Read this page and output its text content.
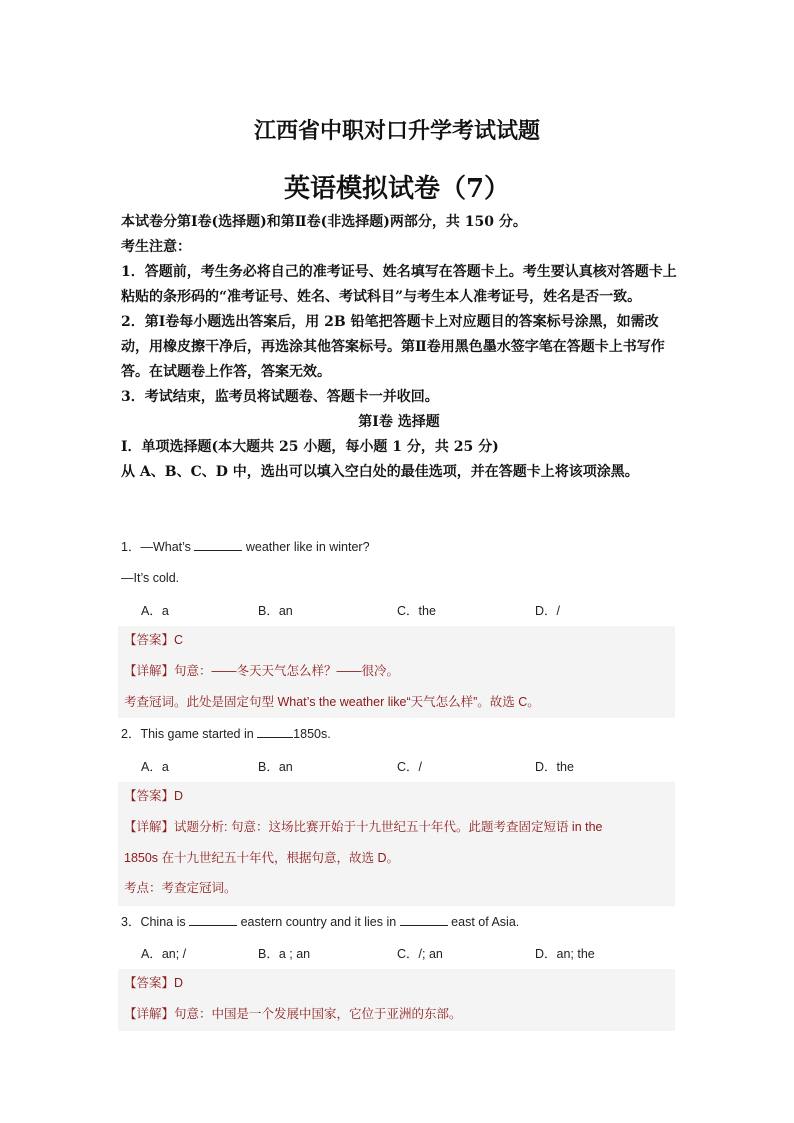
江西省中职对口升学考试试题
英语模拟试卷（7）

本试卷分第Ⅰ卷(选择题)和第Ⅱ卷(非选择题)两部分，共 150 分。

考生注意：

1．答题前，考生务必将自己的准考证号、姓名填写在答题卡上。考生要认真核对答题卡上粘贴的条形码的“准考证号、姓名、考试科目”与考生本人准考证号，姓名是否一致。

2．第Ⅰ卷每小题选出答案后，用 2B 铅笔把答题卡上对应题目的答案标号涂黑，如需改动，用橡皮擦干净后，再选涂其他答案标号。第Ⅱ卷用黑色墨水签字笔在答题卡上书写作答。在试题卷上作答，答案无效。

3．考试结束，监考员将试题卷、答题卡一并收回。

第Ⅰ卷 选择题

Ⅰ．单项选择题(本大题共 25 小题，每小题 1 分，共 25 分)

从 A、B、C、D 中，选出可以填入空白处的最佳选项，并在答题卡上将该项涂黑。

1．—What’s	weather like in winter?
—It’s cold.
A．a	B．an	C．the	D．/
【答案】C
【详解】句意：——冬天天气怎么样？——很冷。
考查冠词。此处是固定句型 What’s the weather like“天气怎么样”。故选 C。
2．This game started in	1850s.
A．a	B．an	C．/	D．the
【答案】D
【详解】试题分析: 句意：这场比赛开始于十九世纪五十年代。此题考查固定短语 in the
1850s 在十九世纪五十年代，根据句意，故选 D。
考点：考查定冠词。
3．China is	eastern country and it lies in	east of Asia.
A．an; /	B．a ; an	C．/; an	D．an; the
【答案】D
【详解】句意：中国是一个发展中国家，它位于亚洲的东部。
